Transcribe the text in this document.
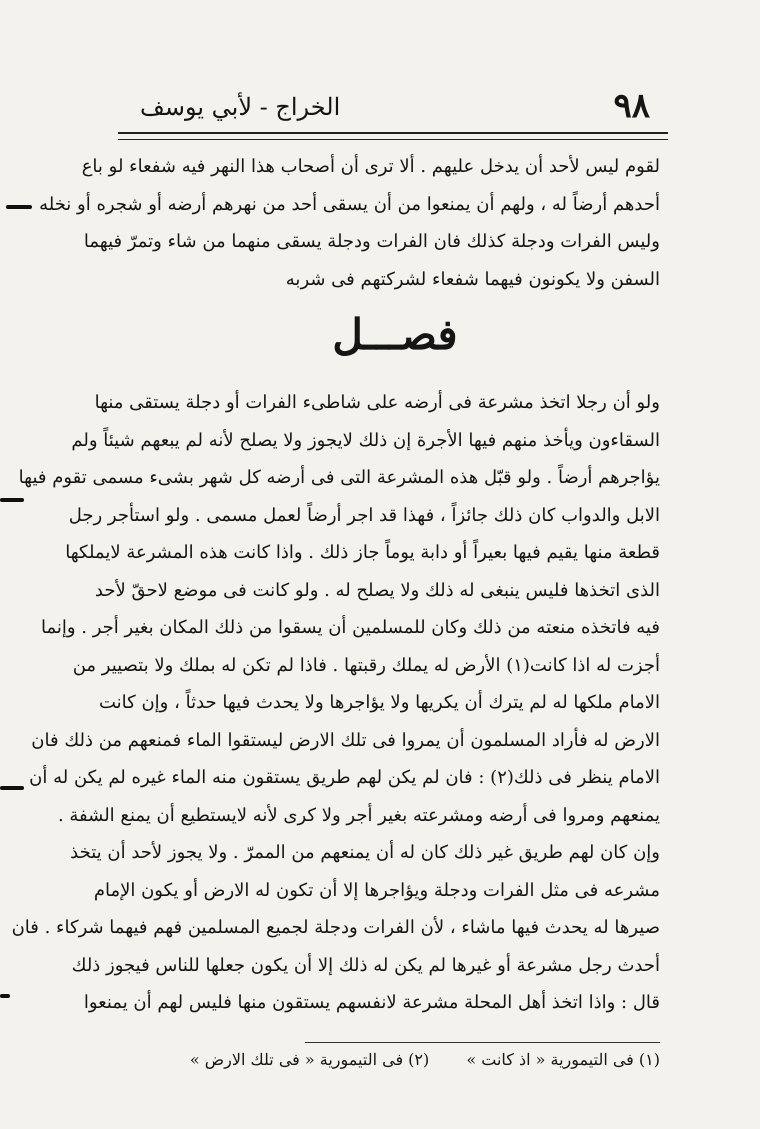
٩٨
الخراج - لأبي يوسف
لقوم ليس لأحد أن يدخل عليهم . ألا ترى أن أصحاب هذا النهر فيه شفعاء لو باع
أحدهم أرضاً له ، ولهم أن يمنعوا من أن يسقى أحد من نهرهم أرضه أو شجره أو نخله
وليس الفرات ودجلة كذلك فان الفرات ودجلة يسقى منهما من شاء وتمرّ فيهما
السفن ولا يكونون فيهما شفعاء لشركتهم فى شربه
فصـــل
ولو أن رجلا اتخذ مشرعة فى أرضه على شاطىء الفرات أو دجلة يستقى منها
السقاءون ويأخذ منهم فيها الأجرة إن ذلك لايجوز ولا يصلح لأنه لم يبعهم شيئاً ولم
يؤاجرهم أرضاً . ولو قبّل هذه المشرعة التى فى أرضه كل شهر بشىء مسمى تقوم فيها
الابل والدواب كان ذلك جائزاً ، فهذا قد اجر أرضاً لعمل مسمى . ولو استأجر رجل
قطعة منها يقيم فيها بعيراً أو دابة يوماً جاز ذلك . واذا كانت هذه المشرعة لايملكها
الذى اتخذها فليس ينبغى له ذلك ولا يصلح له . ولو كانت فى موضع لاحقّ لأحد
فيه فاتخذه منعته من ذلك وكان للمسلمين أن يسقوا من ذلك المكان بغير أجر . وإنما
أجزت له اذا كانت(١) الأرض له يملك رقبتها . فاذا لم تكن له بملك ولا بتصيير من
الامام ملكها له لم يترك أن يكريها ولا يؤاجرها ولا يحدث فيها حدثاً ، وإن كانت
الارض له فأراد المسلمون أن يمروا فى تلك الارض ليستقوا الماء فمنعهم من ذلك فان
الامام ينظر فى ذلك(٢) : فان لم يكن لهم طريق يستقون منه الماء غيره لم يكن له أن
يمنعهم ومروا فى أرضه ومشرعته بغير أجر ولا كرى لأنه لايستطيع أن يمنع الشفة .
وإن كان لهم طريق غير ذلك كان له أن يمنعهم من الممرّ . ولا يجوز لأحد أن يتخذ
مشرعه فى مثل الفرات ودجلة ويؤاجرها إلا أن تكون له الارض أو يكون الإمام
صيرها له يحدث فيها ماشاء ، لأن الفرات ودجلة لجميع المسلمين فهم فيهما شركاء . فان
أحدث رجل مشرعة أو غيرها لم يكن له ذلك إلا أن يكون جعلها للناس فيجوز ذلك
قال : واذا اتخذ أهل المحلة مشرعة لانفسهم يستقون منها فليس لهم أن يمنعوا
(١) فى التيمورية « اذ كانت » (٢) فى التيمورية « فى تلك الارض »
